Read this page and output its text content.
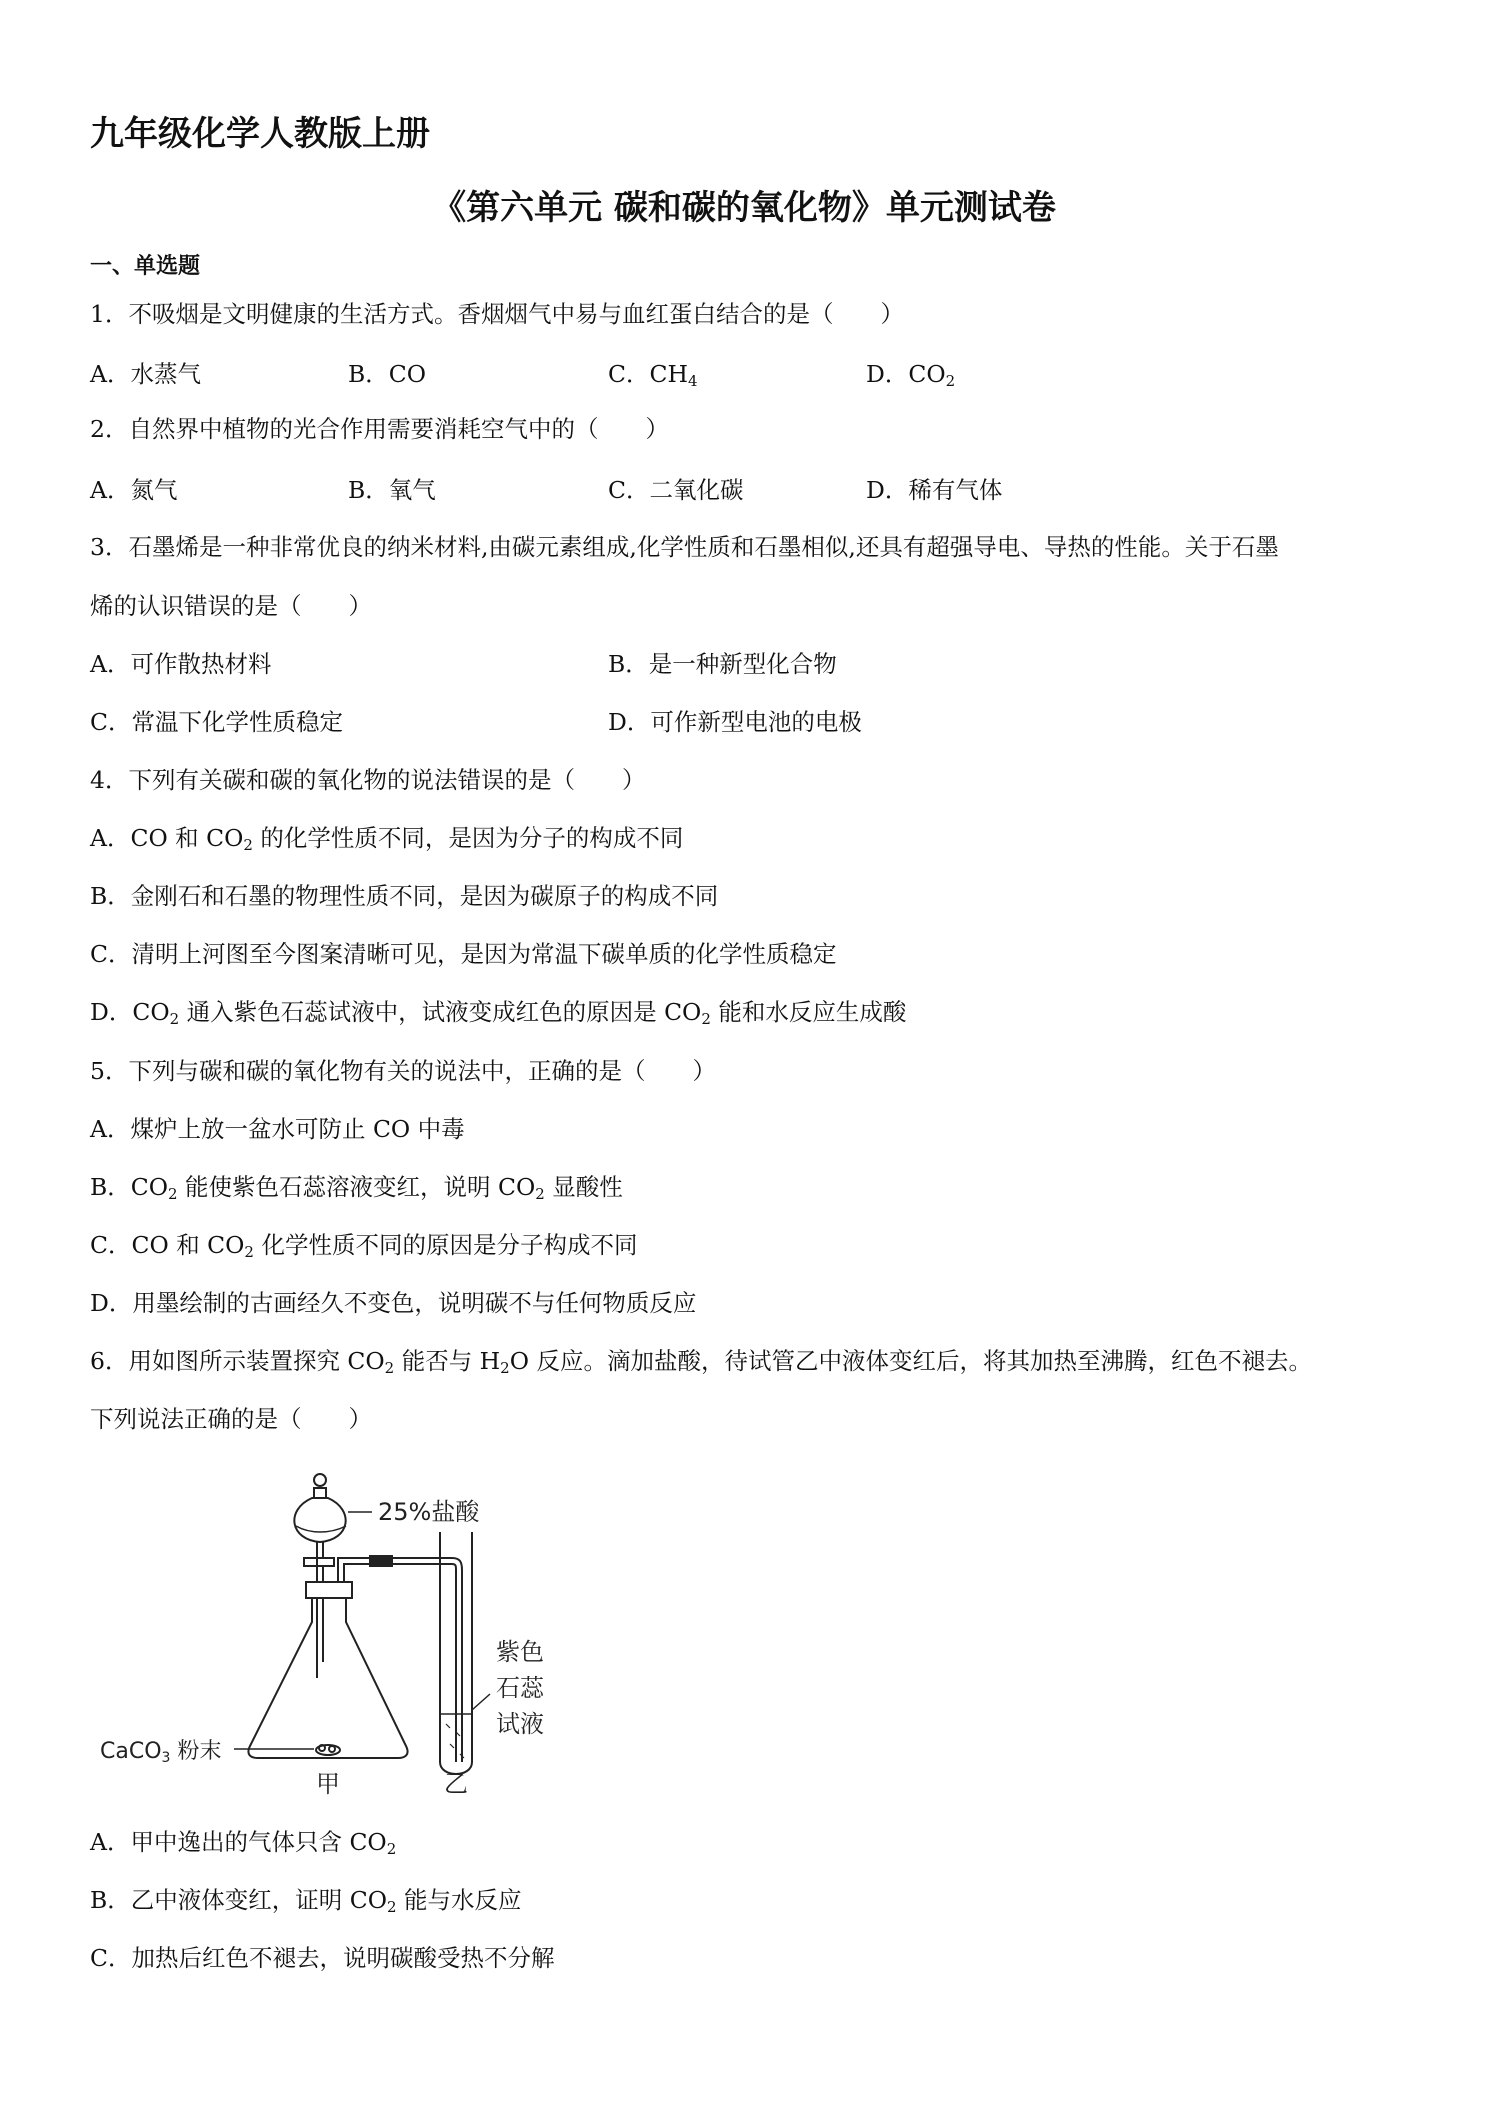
九年级化学人教版上册
《第六单元 碳和碳的氧化物》单元测试卷
一、单选题
1．不吸烟是文明健康的生活方式。香烟烟气中易与血红蛋白结合的是（　　）
A．水蒸气	B．CO	C．$CH_4$	D．$CO_2$
2．自然界中植物的光合作用需要消耗空气中的（　　）
A．氮气	B．氧气	C．二氧化碳	D．稀有气体
3．石墨烯是一种非常优良的纳米材料,由碳元素组成,化学性质和石墨相似,还具有超强导电、导热的性能。关于石墨
烯的认识错误的是（　　）
A．可作散热材料	B．是一种新型化合物
C．常温下化学性质稳定	D．可作新型电池的电极
4．下列有关碳和碳的氧化物的说法错误的是（　　）
A．CO 和 $CO_2$ 的化学性质不同，是因为分子的构成不同
B．金刚石和石墨的物理性质不同，是因为碳原子的构成不同
C．清明上河图至今图案清晰可见，是因为常温下碳单质的化学性质稳定
D．$CO_2$ 通入紫色石蕊试液中，试液变成红色的原因是 $CO_2$ 能和水反应生成酸
5．下列与碳和碳的氧化物有关的说法中，正确的是（　　）
A．煤炉上放一盆水可防止 CO 中毒
B．$CO_2$ 能使紫色石蕊溶液变红，说明 $CO_2$ 显酸性
C．CO 和 $CO_2$ 化学性质不同的原因是分子构成不同
D．用墨绘制的古画经久不变色，说明碳不与任何物质反应
6．用如图所示装置探究 $CO_2$ 能否与 $H_2O$ 反应。滴加盐酸，待试管乙中液体变红后，将其加热至沸腾，红色不褪去。
下列说法正确的是（　　）
25%盐酸
CaCO3 粉末
紫色
石蕊
试液
甲	乙
A．甲中逸出的气体只含 $CO_2$
B．乙中液体变红，证明 $CO_2$ 能与水反应
C．加热后红色不褪去，说明碳酸受热不分解
